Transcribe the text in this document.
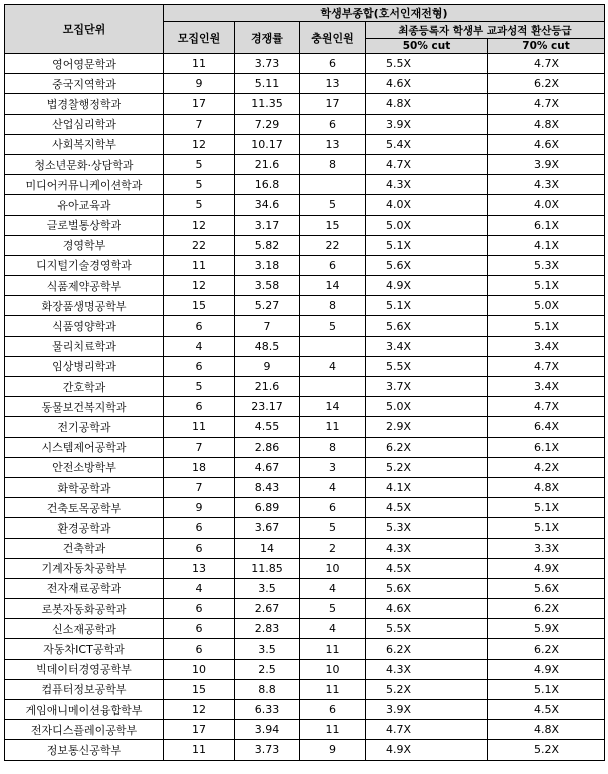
모집단위	학생부종합(호서인재전형)				
	모집인원	경쟁률	충원인원	최종등록자 학생부 교과성적 환산등급	
				50% cut	70% cut
영어영문학과	11	3.73	6	5.5X	4.7X
중국지역학과	9	5.11	13	4.6X	6.2X
법경찰행정학과	17	11.35	17	4.8X	4.7X
산업심리학과	7	7.29	6	3.9X	4.8X
사회복지학부	12	10.17	13	5.4X	4.6X
청소년문화·상담학과	5	21.6	8	4.7X	3.9X
미디어커뮤니케이션학과	5	16.8		4.3X	4.3X
유아교육과	5	34.6	5	4.0X	4.0X
글로벌통상학과	12	3.17	15	5.0X	6.1X
경영학부	22	5.82	22	5.1X	4.1X
디지털기술경영학과	11	3.18	6	5.6X	5.3X
식품제약공학부	12	3.58	14	4.9X	5.1X
화장품생명공학부	15	5.27	8	5.1X	5.0X
식품영양학과	6	7	5	5.6X	5.1X
물리치료학과	4	48.5		3.4X	3.4X
임상병리학과	6	9	4	5.5X	4.7X
간호학과	5	21.6		3.7X	3.4X
동물보건복지학과	6	23.17	14	5.0X	4.7X
전기공학과	11	4.55	11	2.9X	6.4X
시스템제어공학과	7	2.86	8	6.2X	6.1X
안전소방학부	18	4.67	3	5.2X	4.2X
화학공학과	7	8.43	4	4.1X	4.8X
건축토목공학부	9	6.89	6	4.5X	5.1X
환경공학과	6	3.67	5	5.3X	5.1X
건축학과	6	14	2	4.3X	3.3X
기계자동차공학부	13	11.85	10	4.5X	4.9X
전자재료공학과	4	3.5	4	5.6X	5.6X
로봇자동화공학과	6	2.67	5	4.6X	6.2X
신소재공학과	6	2.83	4	5.5X	5.9X
자동차ICT공학과	6	3.5	11	6.2X	6.2X
빅데이터경영공학부	10	2.5	10	4.3X	4.9X
컴퓨터정보공학부	15	8.8	11	5.2X	5.1X
게임애니메이션융합학부	12	6.33	6	3.9X	4.5X
전자디스플레이공학부	17	3.94	11	4.7X	4.8X
정보통신공학부	11	3.73	9	4.9X	5.2X
